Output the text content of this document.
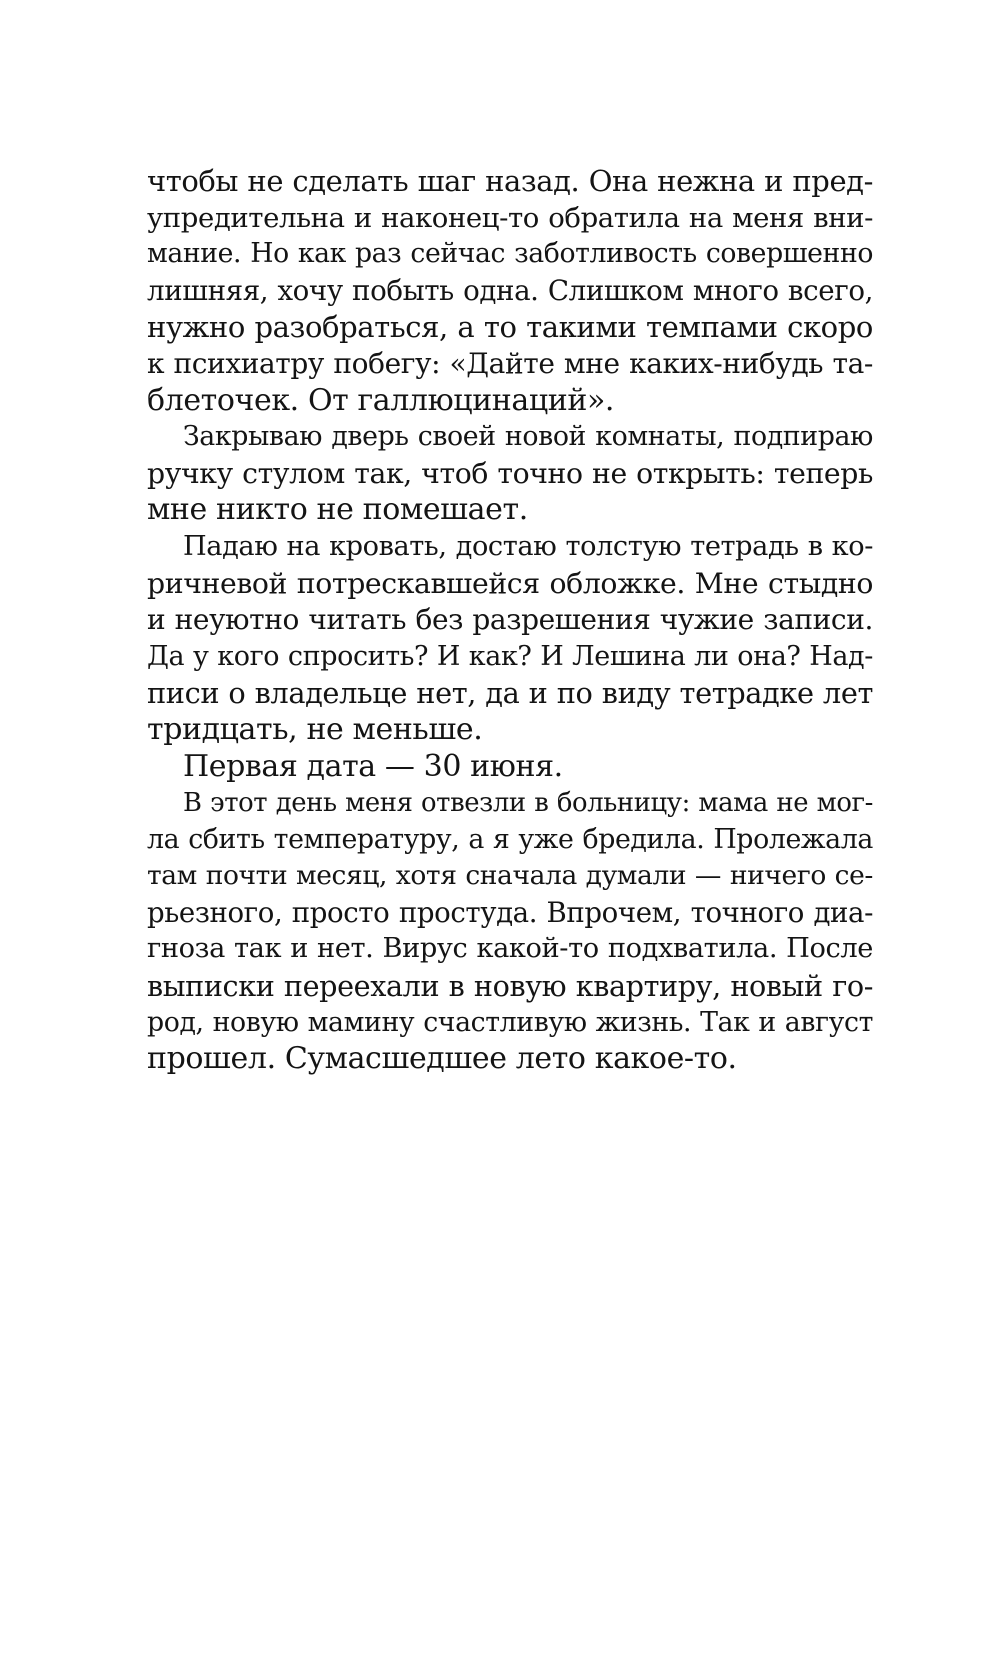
чтобы не сделать шаг назад. Она нежна и пред-
упредительна и наконец-то обратила на меня вни-
мание. Но как раз сейчас заботливость совершенно
лишняя, хочу побыть одна. Слишком много всего,
нужно разобраться, а то такими темпами скоро
к психиатру побегу: «Дайте мне каких-нибудь та-
блеточек. От галлюцинаций».
Закрываю дверь своей новой комнаты, подпираю
ручку стулом так, чтоб точно не открыть: теперь
мне никто не помешает.
Падаю на кровать, достаю толстую тетрадь в ко-
ричневой потрескавшейся обложке. Мне стыдно
и неуютно читать без разрешения чужие записи.
Да у кого спросить? И как? И Лешина ли она? Над-
писи о владельце нет, да и по виду тетрадке лет
тридцать, не меньше.
Первая дата — 30 июня.
В этот день меня отвезли в больницу: мама не мог-
ла сбить температуру, а я уже бредила. Пролежала
там почти месяц, хотя сначала думали — ничего се-
рьезного, просто простуда. Впрочем, точного диа-
гноза так и нет. Вирус какой-то подхватила. После
выписки переехали в новую квартиру, новый го-
род, новую мамину счастливую жизнь. Так и август
прошел. Сумасшедшее лето какое-то.
